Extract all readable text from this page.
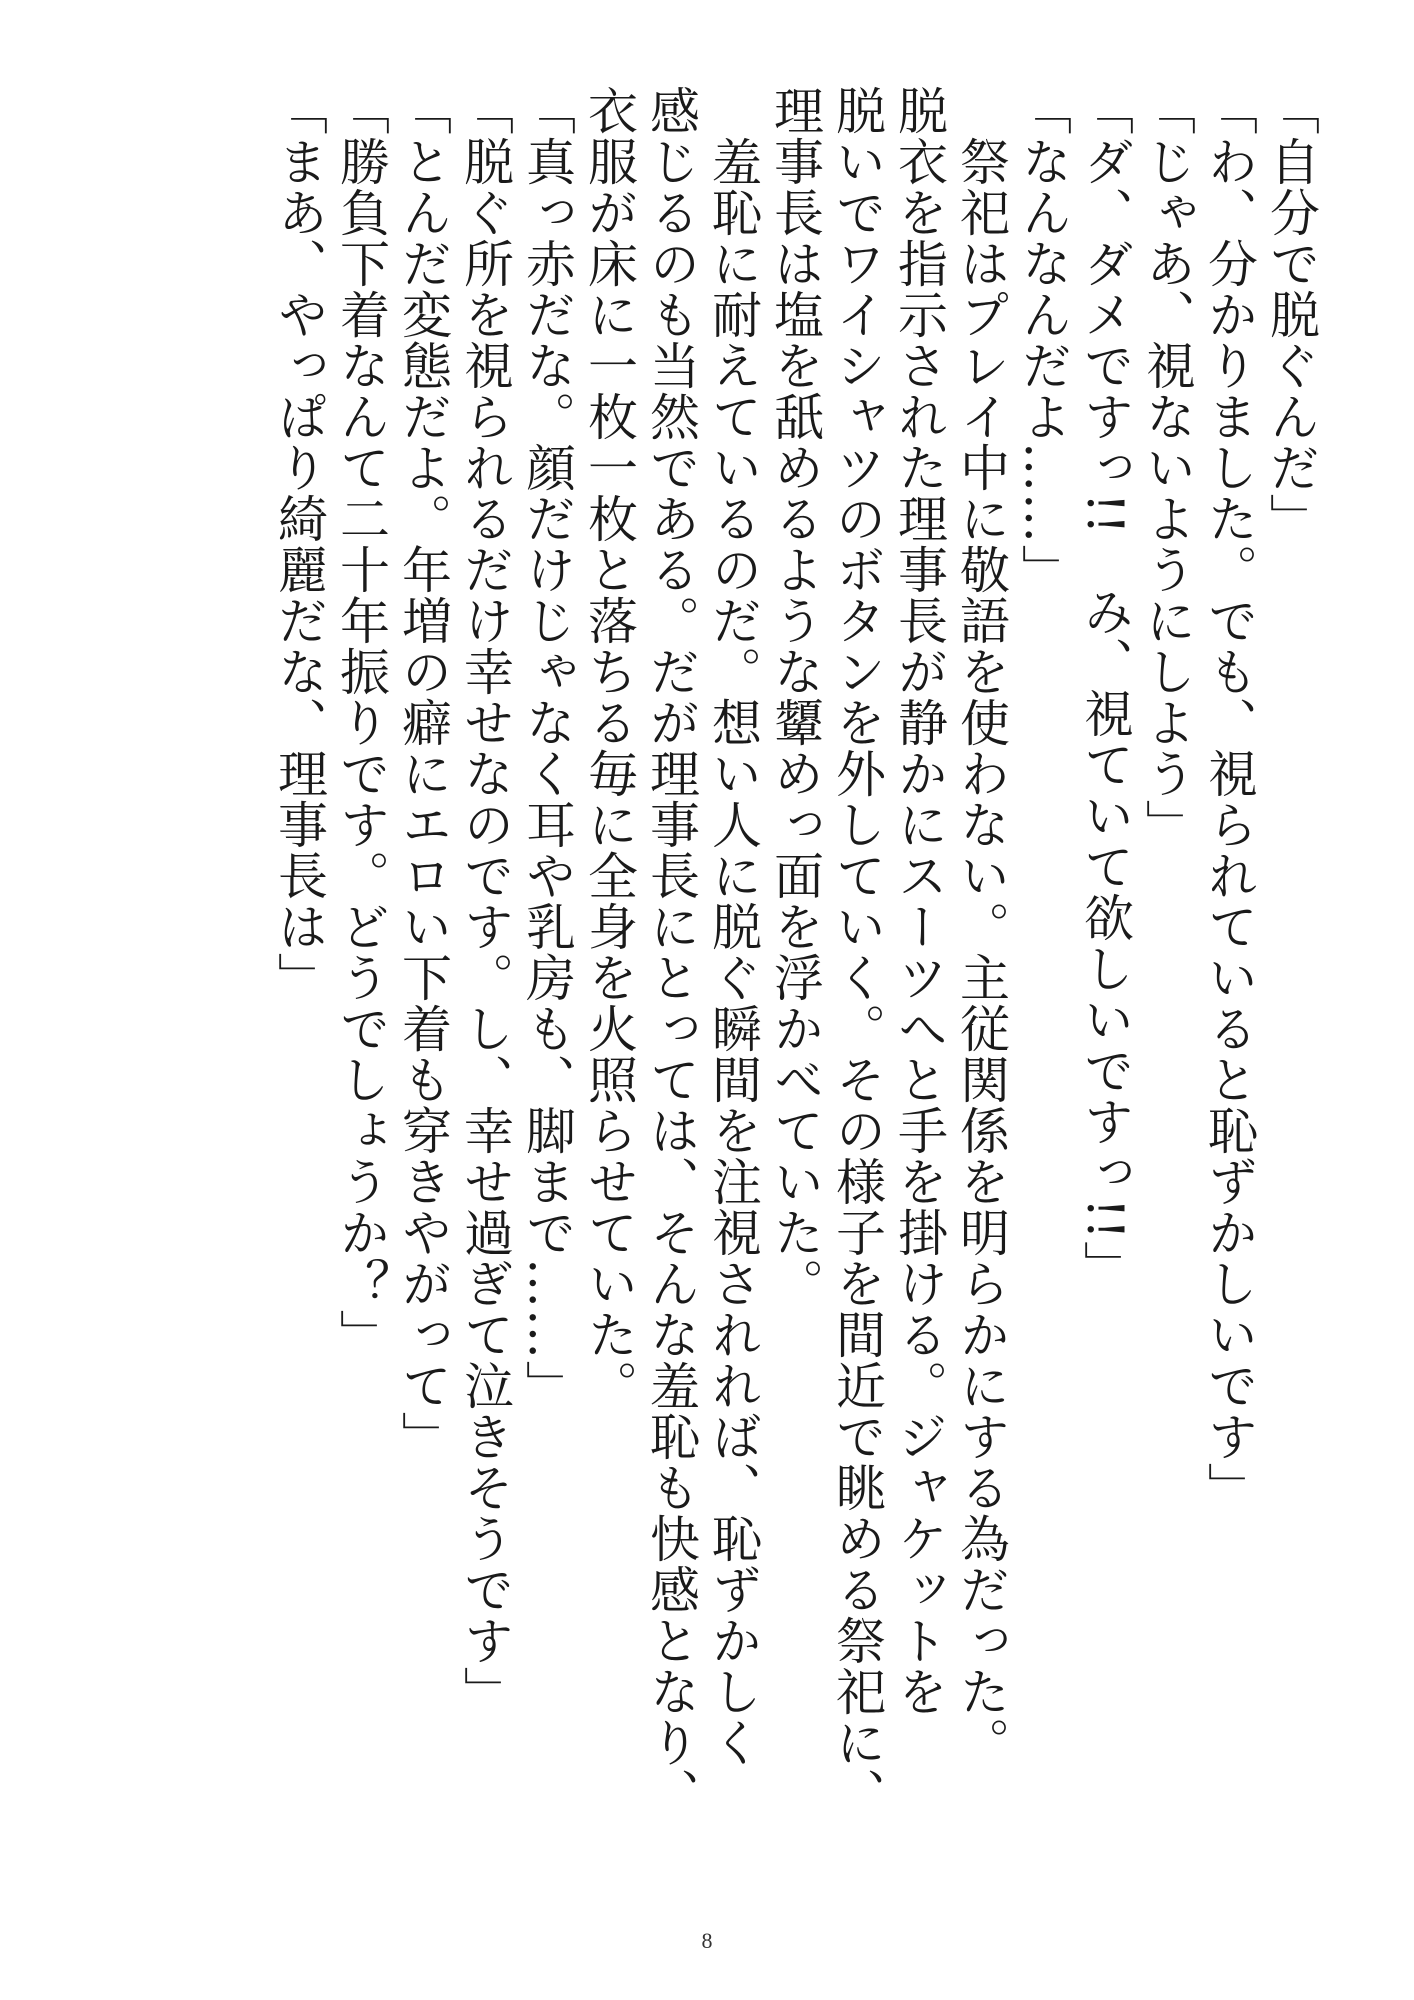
「自分で脱ぐんだ」
「わ、分かりました。でも、視られていると恥ずかしいです」
「じゃあ、視ないようにしよう」
「ダ、ダメですっ!!　み、視ていて欲しいですっ!!」
「なんなんだよ……」
　祭祀はプレイ中に敬語を使わない。主従関係を明らかにする為だった。
脱衣を指示された理事長が静かにスーツへと手を掛ける。ジャケットを
脱いでワイシャツのボタンを外していく。その様子を間近で眺める祭祀に、
理事長は塩を舐めるような顰めっ面を浮かべていた。
　羞恥に耐えているのだ。想い人に脱ぐ瞬間を注視されれば、恥ずかしく
感じるのも当然である。だが理事長にとっては、そんな羞恥も快感となり、
衣服が床に一枚一枚と落ちる毎に全身を火照らせていた。
「真っ赤だな。顔だけじゃなく耳や乳房も、脚まで……」
「脱ぐ所を視られるだけ幸せなのです。し、幸せ過ぎて泣きそうです」
「とんだ変態だよ。年増の癖にエロい下着も穿きやがって」
「勝負下着なんて二十年振りです。どうでしょうか？」
「まあ、やっぱり綺麗だな、理事長は」
8
